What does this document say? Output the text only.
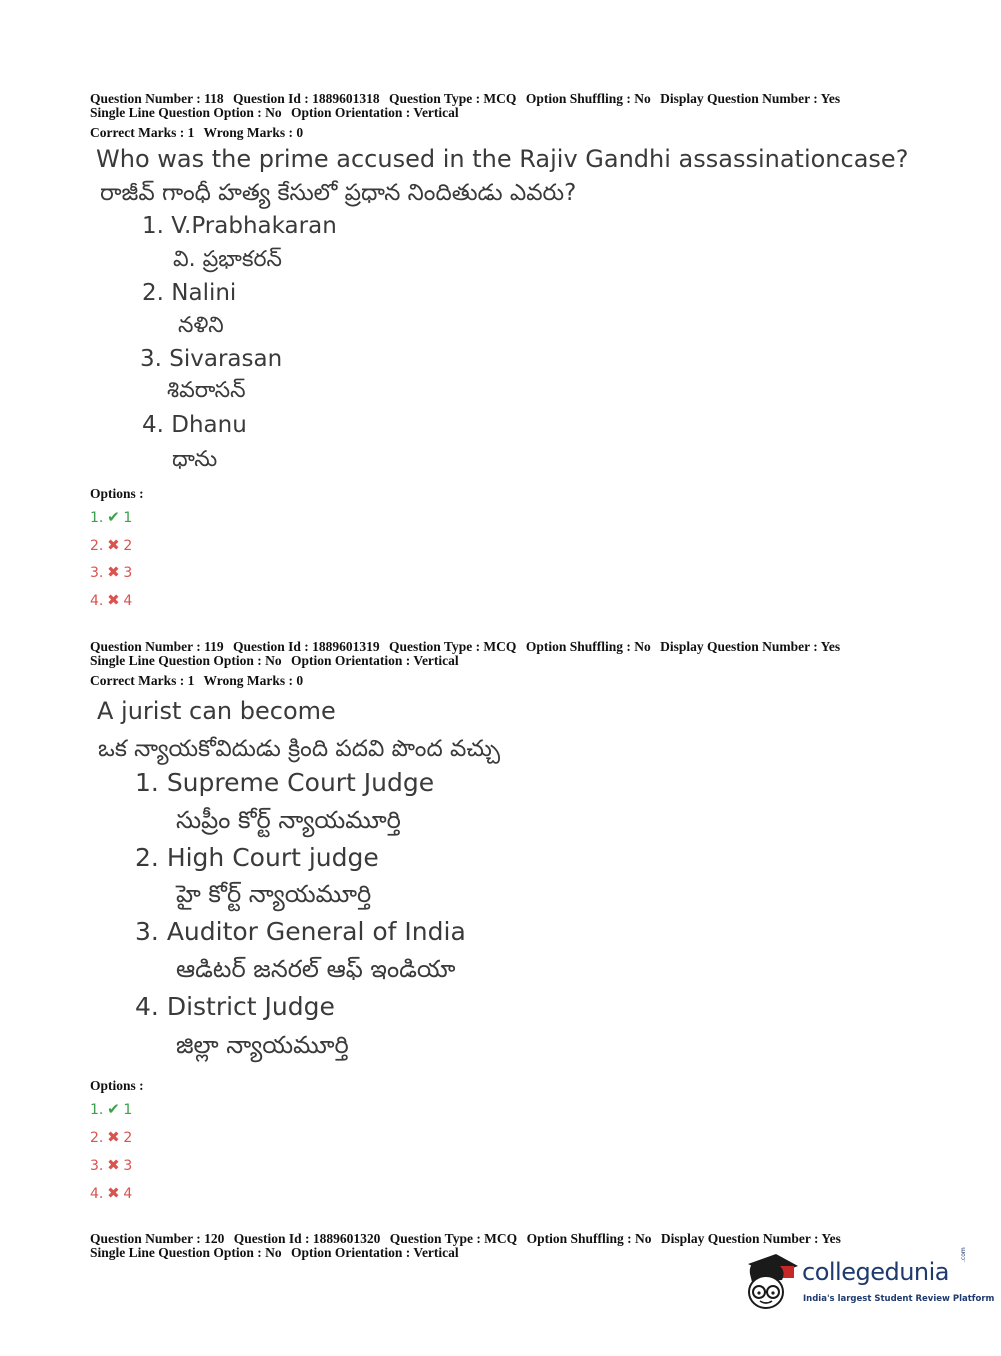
Question Number : 118 Question Id : 1889601318 Question Type : MCQ Option Shuffling : No Display Question Number : Yes
Single Line Question Option : No Option Orientation : Vertical
Correct Marks : 1 Wrong Marks : 0
Who was the prime accused in the Rajiv Gandhi assassinationcase?
రాజీవ్ గాంధీ హత్య కేసులో ప్రధాన నిందితుడు ఎవరు?
1. V.Prabhakaran
వి. ప్రభాకరన్
2. Nalini
నళిని
3. Sivarasan
శివరాసన్
4. Dhanu
ధాను
Options :
1. ✔ 1
2. ✖ 2
3. ✖ 3
4. ✖ 4
Question Number : 119 Question Id : 1889601319 Question Type : MCQ Option Shuffling : No Display Question Number : Yes
Single Line Question Option : No Option Orientation : Vertical
Correct Marks : 1 Wrong Marks : 0
A jurist can become
ఒక న్యాయకోవిదుడు క్రింది పదవి పొంద వచ్చు
1. Supreme Court Judge
సుప్రీం కోర్ట్ న్యాయమూర్తి
2. High Court judge
హై కోర్ట్ న్యాయమూర్తి
3. Auditor General of India
ఆడిటర్ జనరల్ ఆఫ్ ఇండియా
4. District Judge
జిల్లా న్యాయమూర్తి
Options :
1. ✔ 1
2. ✖ 2
3. ✖ 3
4. ✖ 4
Question Number : 120 Question Id : 1889601320 Question Type : MCQ Option Shuffling : No Display Question Number : Yes
Single Line Question Option : No Option Orientation : Vertical
collegedunia
.com
India's largest Student Review Platform
